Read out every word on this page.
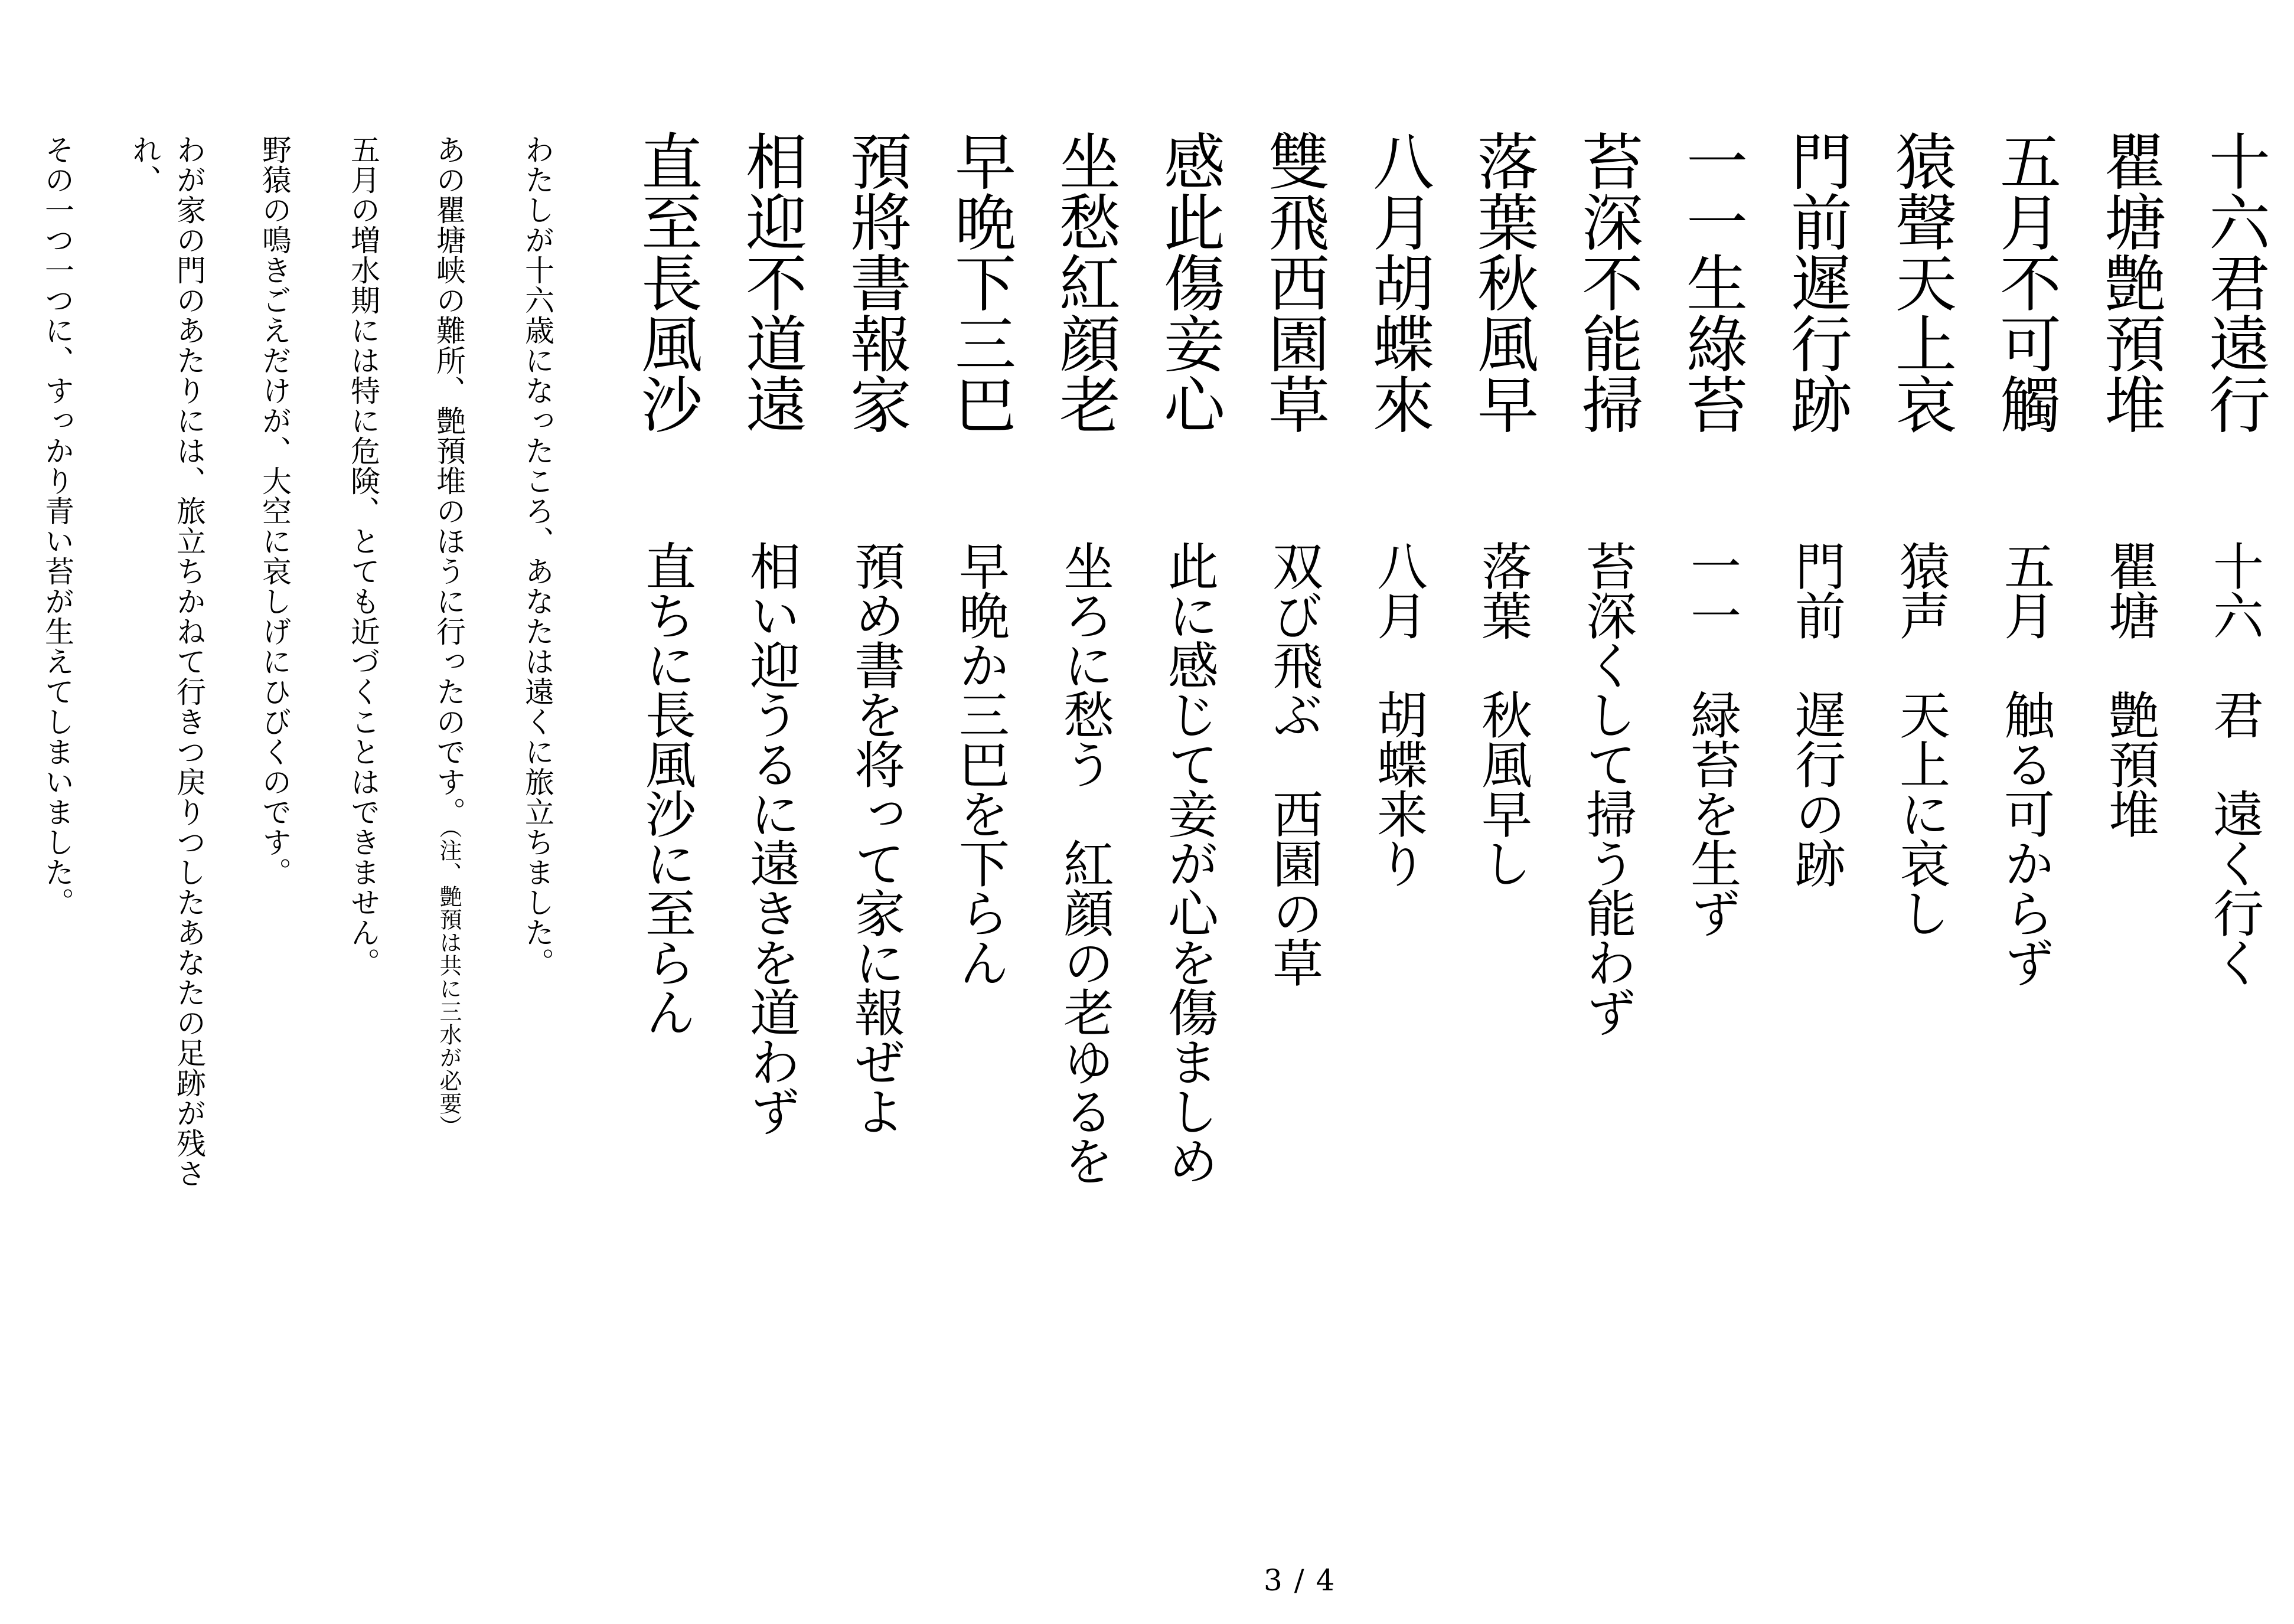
十六君遠行
瞿塘艶預堆
五月不可觸
猿聲天上哀
門前遲行跡
一一生綠苔
苔深不能掃
落葉秋風早
八月胡蝶來
雙飛西園草
感此傷妾心
坐愁紅顔老
早晩下三巴
預將書報家
相迎不道遠
直至長風沙
十六　君　遠く行く
瞿塘　艶預堆
五月　触る可からず
猿声　天上に哀し
門前　遅行の跡
一一　緑苔を生ず
苔深くして掃う能わず
落葉　秋風早し
八月　胡蝶来り
双び飛ぶ　西園の草
此に感じて妾が心を傷ましめ
坐ろに愁う　紅顔の老ゆるを
早晩か三巴を下らん
預め書を将って家に報ぜよ
相い迎うるに遠きを道わず
直ちに長風沙に至らん
わたしが十六歳になったころ、あなたは遠くに旅立ちました。
あの瞿塘峡の難所、艶預堆のほうに行ったのです。（注、艶預は共に三水が必要）
五月の増水期には特に危険、とても近づくことはできません。
野猿の鳴きごえだけが、大空に哀しげにひびくのです。
わが家の門のあたりには、旅立ちかねて行きつ戻りつしたあなたの足跡が残さ
れ、
その一つ一つに、すっかり青い苔が生えてしまいました。
3 / 4
